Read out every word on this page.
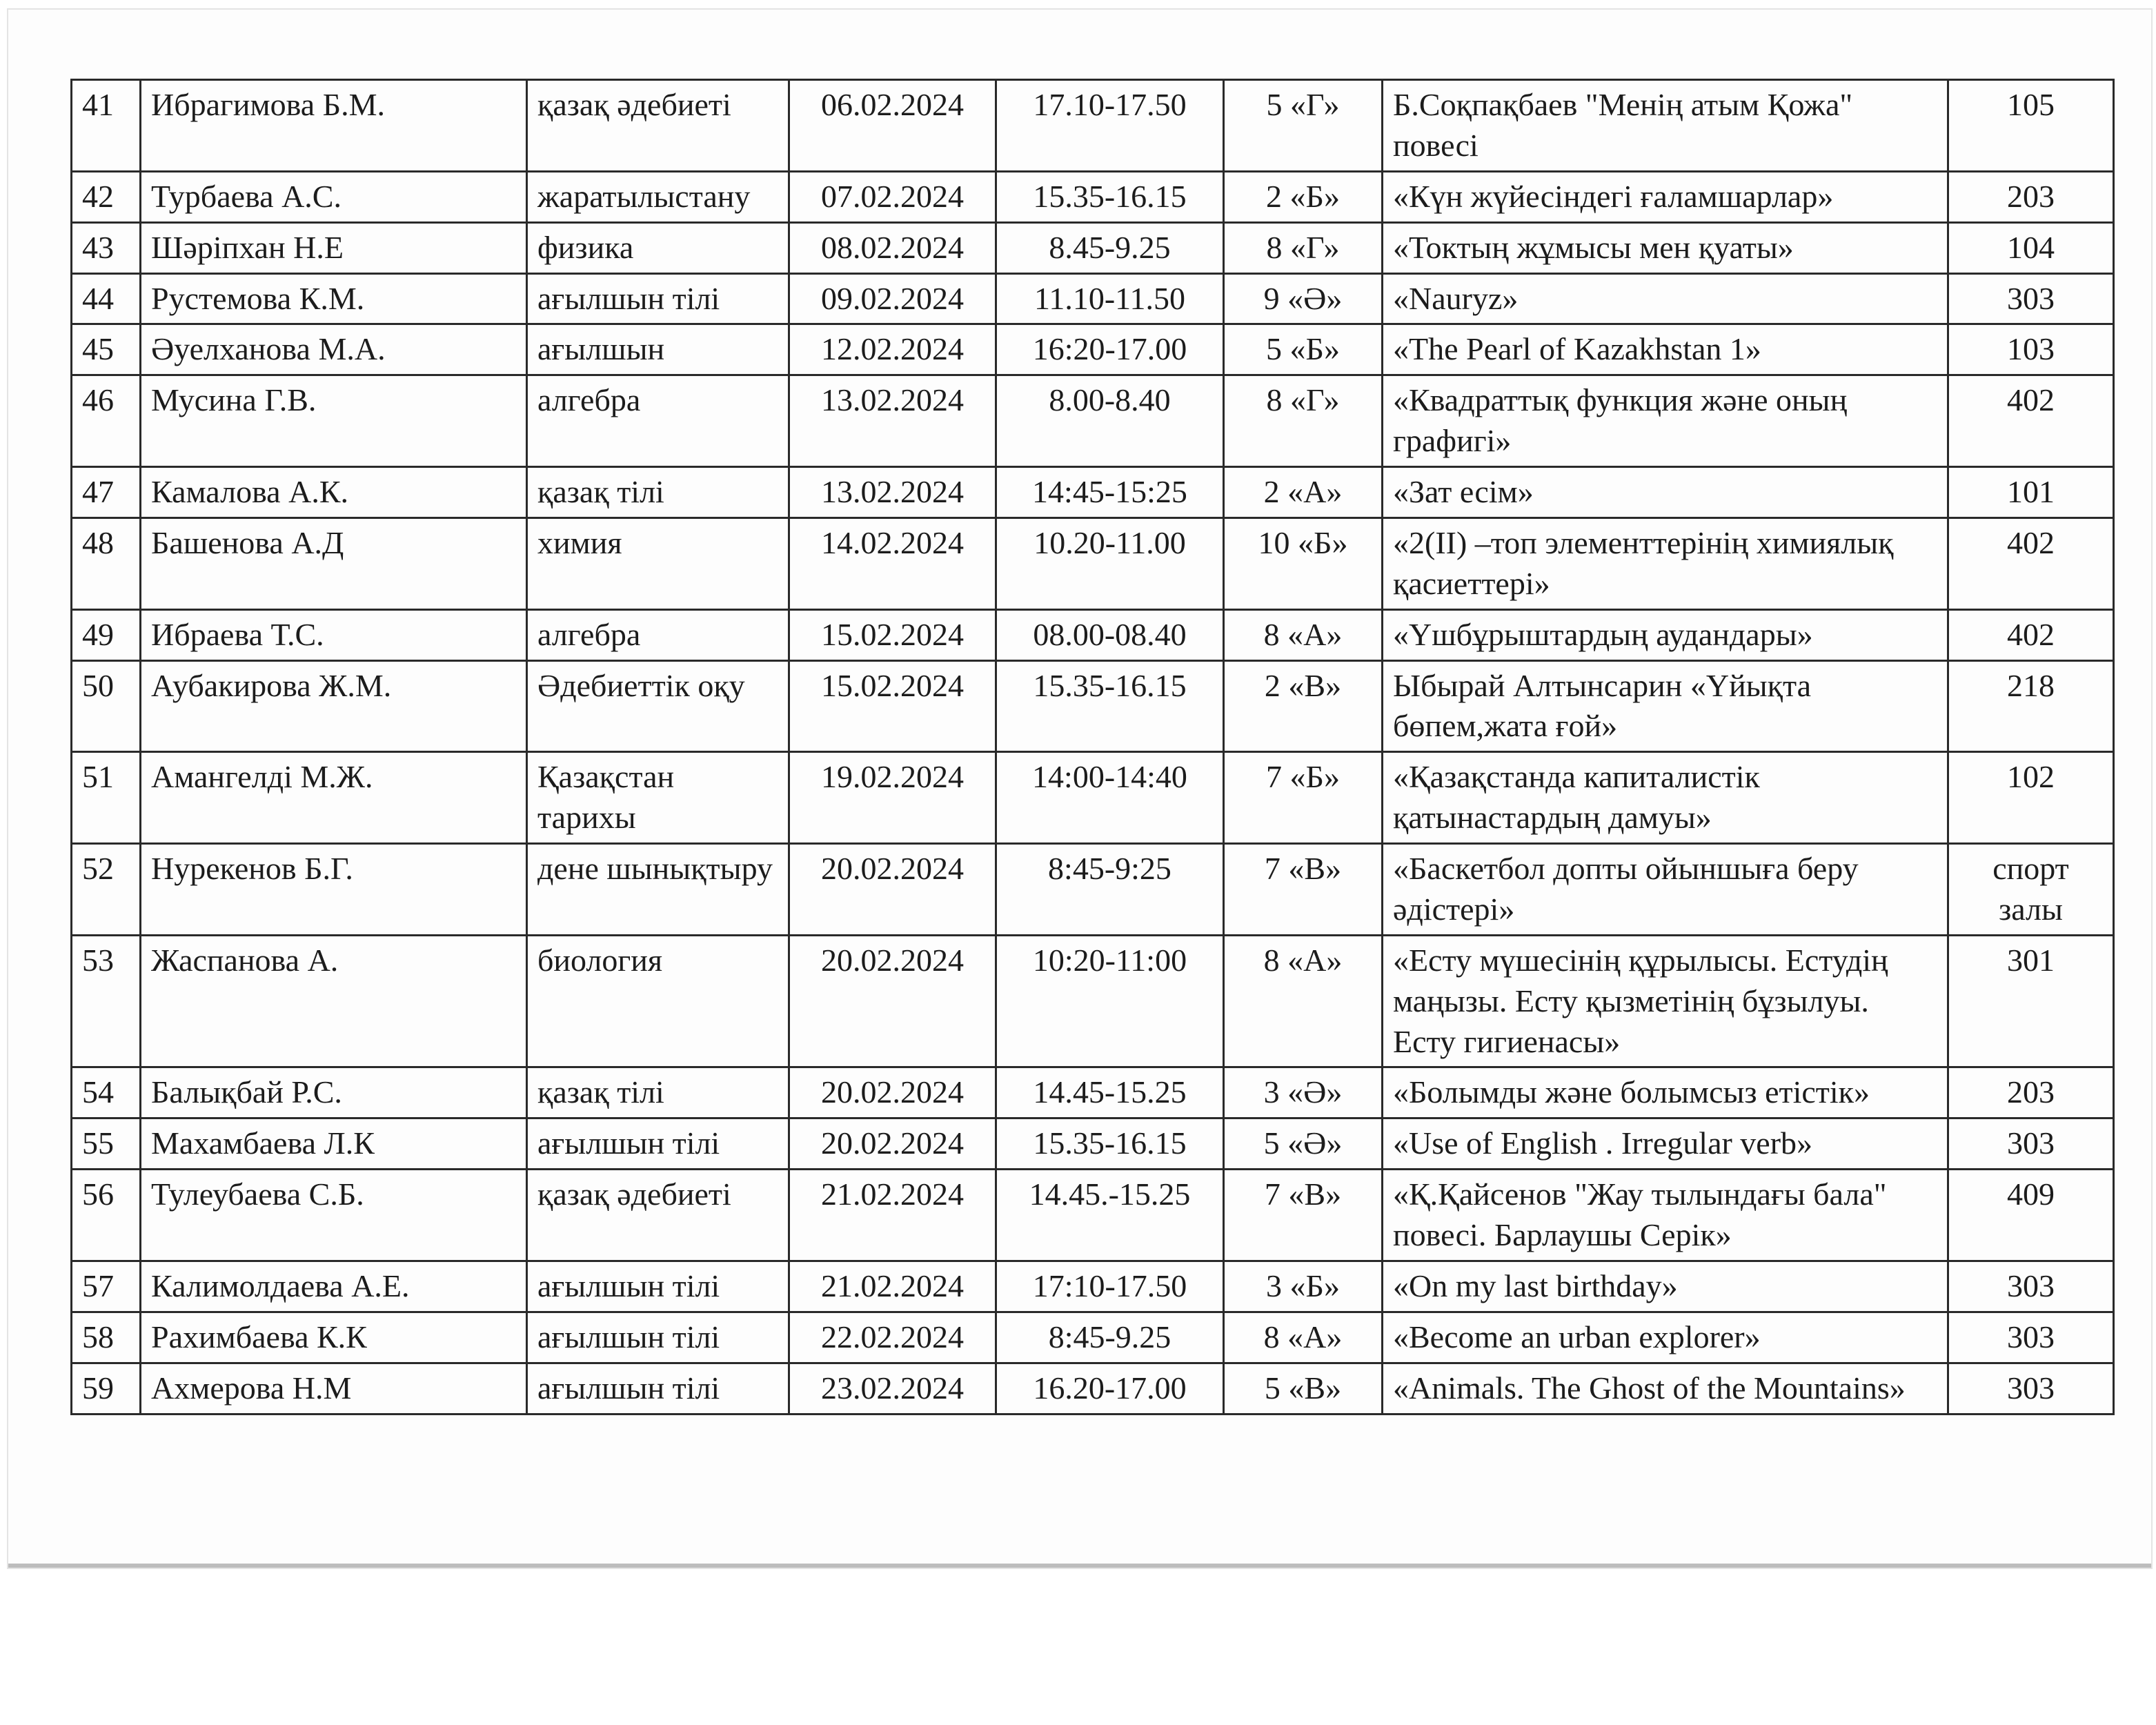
41	Ибрагимова Б.М.	қазақ әдебиеті	06.02.2024	17.10-17.50	5 «Г»	Б.Соқпақбаев "Менің атым Қожа" повесі	105
42	Турбаева А.С.	жаратылыстану	07.02.2024	15.35-16.15	2 «Б»	«Күн жүйесіндегі ғаламшарлар»	203
43	Шәріпхан Н.Е	физика	08.02.2024	8.45-9.25	8 «Г»	«Токтың жұмысы мен қуаты»	104
44	Рустемова К.М.	ағылшын тілі	09.02.2024	11.10-11.50	9 «Ә»	«Nauryz»	303
45	Әуелханова М.А.	ағылшын	12.02.2024	16:20-17.00	5 «Б»	«The Pearl of Kazakhstan 1»	103
46	Мусина Г.В.	алгебра	13.02.2024	8.00-8.40	8 «Г»	«Квадраттық функция және оның графигі»	402
47	Камалова А.К.	қазақ тілі	13.02.2024	14:45-15:25	2 «А»	«Зат есім»	101
48	Башенова А.Д	химия	14.02.2024	10.20-11.00	10 «Б»	«2(II) –топ элементтерінің химиялық қасиеттері»	402
49	Ибраева Т.С.	алгебра	15.02.2024	08.00-08.40	8 «А»	«Үшбұрыштардың аудандары»	402
50	Аубакирова Ж.М.	Әдебиеттік оқу	15.02.2024	15.35-16.15	2 «В»	Ыбырай Алтынсарин «Үйықта бөпем,жата ғой»	218
51	Амангелді М.Ж.	Қазақстан тарихы	19.02.2024	14:00-14:40	7 «Б»	«Қазақстанда капиталистік қатынастардың дамуы»	102
52	Нурекенов Б.Г.	дене шынықтыру	20.02.2024	8:45-9:25	7 «В»	«Баскетбол допты ойыншыға беру әдістері»	спорт залы
53	Жаспанова А.	биология	20.02.2024	10:20-11:00	8 «А»	«Есту мүшесінің құрылысы. Естудің маңызы. Есту қызметінің бұзылуы. Есту гигиенасы»	301
54	Балықбай Р.С.	қазақ тілі	20.02.2024	14.45-15.25	3 «Ә»	«Болымды және болымсыз етістік»	203
55	Махамбаева Л.К	ағылшын тілі	20.02.2024	15.35-16.15	5 «Ә»	«Use of English . Irregular verb»	303
56	Тулеубаева С.Б.	қазақ әдебиеті	21.02.2024	14.45.-15.25	7 «В»	«Қ.Қайсенов "Жау тылындағы бала" повесі. Барлаушы Серік»	409
57	Калимолдаева А.Е.	ағылшын тілі	21.02.2024	17:10-17.50	3 «Б»	«On my last birthday»	303
58	Рахимбаева К.К	ағылшын тілі	22.02.2024	8:45-9.25	8 «А»	«Become an urban explorer»	303
59	Ахмерова Н.М	ағылшын тілі	23.02.2024	16.20-17.00	5 «В»	«Animals. The Ghost of the Mountains»	303
